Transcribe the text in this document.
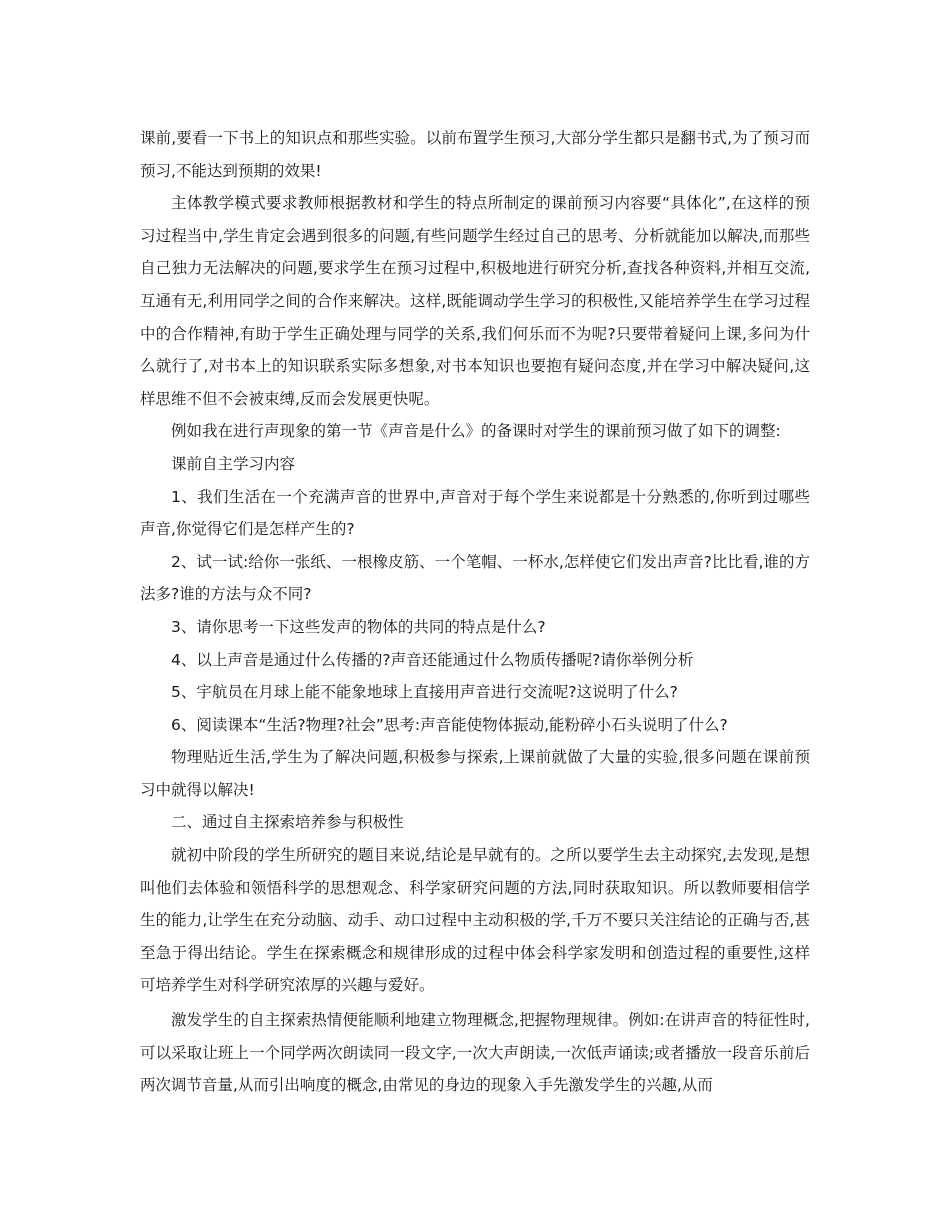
课前,要看一下书上的知识点和那些实验。以前布置学生预习,大部分学生都只是翻书式,为了预习而预习,不能达到预期的效果!

主体教学模式要求教师根据教材和学生的特点所制定的课前预习内容要“具体化”,在这样的预习过程当中,学生肯定会遇到很多的问题,有些问题学生经过自己的思考、分析就能加以解决,而那些自己独力无法解决的问题,要求学生在预习过程中,积极地进行研究分析,查找各种资料,并相互交流,互通有无,利用同学之间的合作来解决。这样,既能调动学生学习的积极性,又能培养学生在学习过程中的合作精神,有助于学生正确处理与同学的关系,我们何乐而不为呢?只要带着疑问上课,多问为什么就行了,对书本上的知识联系实际多想象,对书本知识也要抱有疑问态度,并在学习中解决疑问,这样思维不但不会被束缚,反而会发展更快呢。

例如我在进行声现象的第一节《声音是什么》的备课时对学生的课前预习做了如下的调整:

课前自主学习内容

1、我们生活在一个充满声音的世界中,声音对于每个学生来说都是十分熟悉的,你听到过哪些声音,你觉得它们是怎样产生的?

2、试一试:给你一张纸、一根橡皮筋、一个笔帽、一杯水,怎样使它们发出声音?比比看,谁的方法多?谁的方法与众不同?

3、请你思考一下这些发声的物体的共同的特点是什么?

4、以上声音是通过什么传播的?声音还能通过什么物质传播呢?请你举例分析

5、宇航员在月球上能不能象地球上直接用声音进行交流呢?这说明了什么?

6、阅读课本“生活?物理?社会”思考:声音能使物体振动,能粉碎小石头说明了什么?

物理贴近生活,学生为了解决问题,积极参与探索,上课前就做了大量的实验,很多问题在课前预习中就得以解决!

二、通过自主探索培养参与积极性

就初中阶段的学生所研究的题目来说,结论是早就有的。之所以要学生去主动探究,去发现,是想叫他们去体验和领悟科学的思想观念、科学家研究问题的方法,同时获取知识。所以教师要相信学生的能力,让学生在充分动脑、动手、动口过程中主动积极的学,千万不要只关注结论的正确与否,甚至急于得出结论。学生在探索概念和规律形成的过程中体会科学家发明和创造过程的重要性,这样可培养学生对科学研究浓厚的兴趣与爱好。

激发学生的自主探索热情便能顺利地建立物理概念,把握物理规律。例如:在讲声音的特征性时,可以采取让班上一个同学两次朗读同一段文字,一次大声朗读,一次低声诵读;或者播放一段音乐前后两次调节音量,从而引出响度的概念,由常见的身边的现象入手先激发学生的兴趣,从而
